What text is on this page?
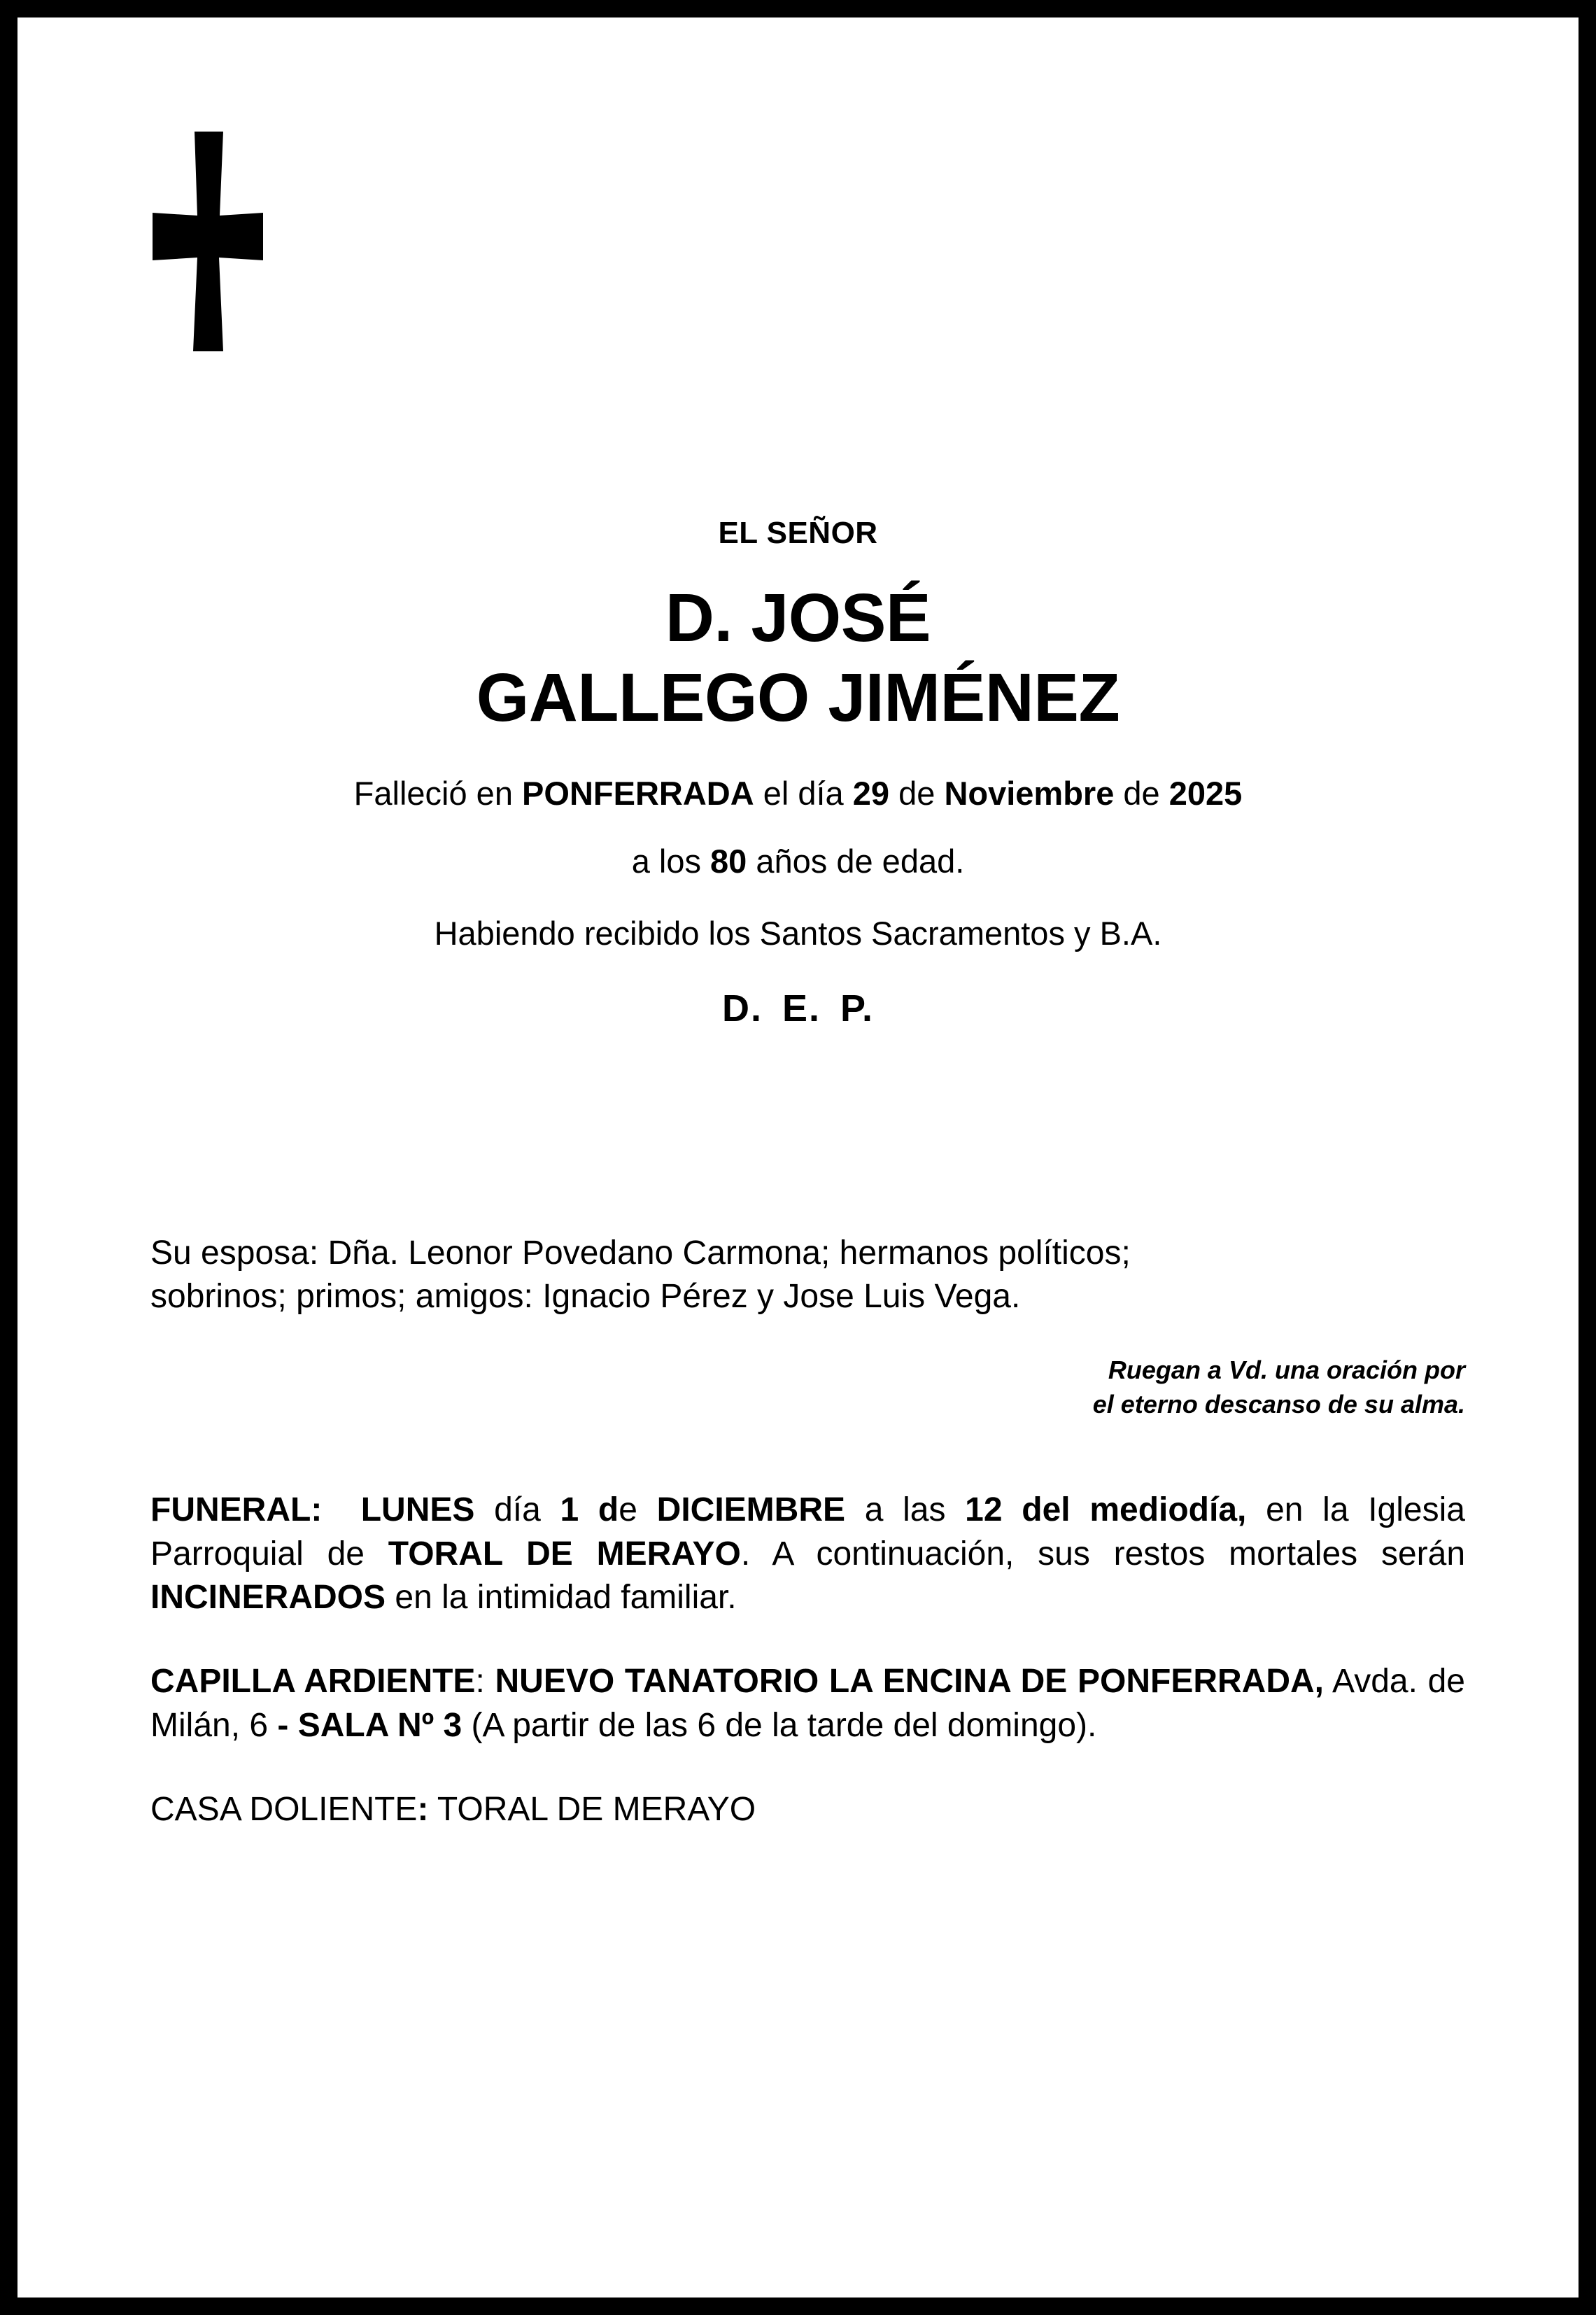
EL SEÑOR
D. JOSÉ
GALLEGO JIMÉNEZ
Falleció en PONFERRADA el día 29 de Noviembre de 2025
a los 80 años de edad.
Habiendo recibido los Santos Sacramentos y B.A.
D. E. P.
Su esposa: Dña. Leonor Povedano Carmona; hermanos políticos;
sobrinos; primos; amigos: Ignacio Pérez y Jose Luis Vega.
Ruegan a Vd. una oración por
el eterno descanso de su alma.
FUNERAL: LUNES día 1 de DICIEMBRE a las 12 del mediodía, en la Iglesia Parroquial de TORAL DE MERAYO. A continuación, sus restos mortales serán INCINERADOS en la intimidad familiar.
CAPILLA ARDIENTE: NUEVO TANATORIO LA ENCINA DE PONFERRADA, Avda. de Milán, 6 - SALA Nº 3 (A partir de las 6 de la tarde del domingo).
CASA DOLIENTE: TORAL DE MERAYO
